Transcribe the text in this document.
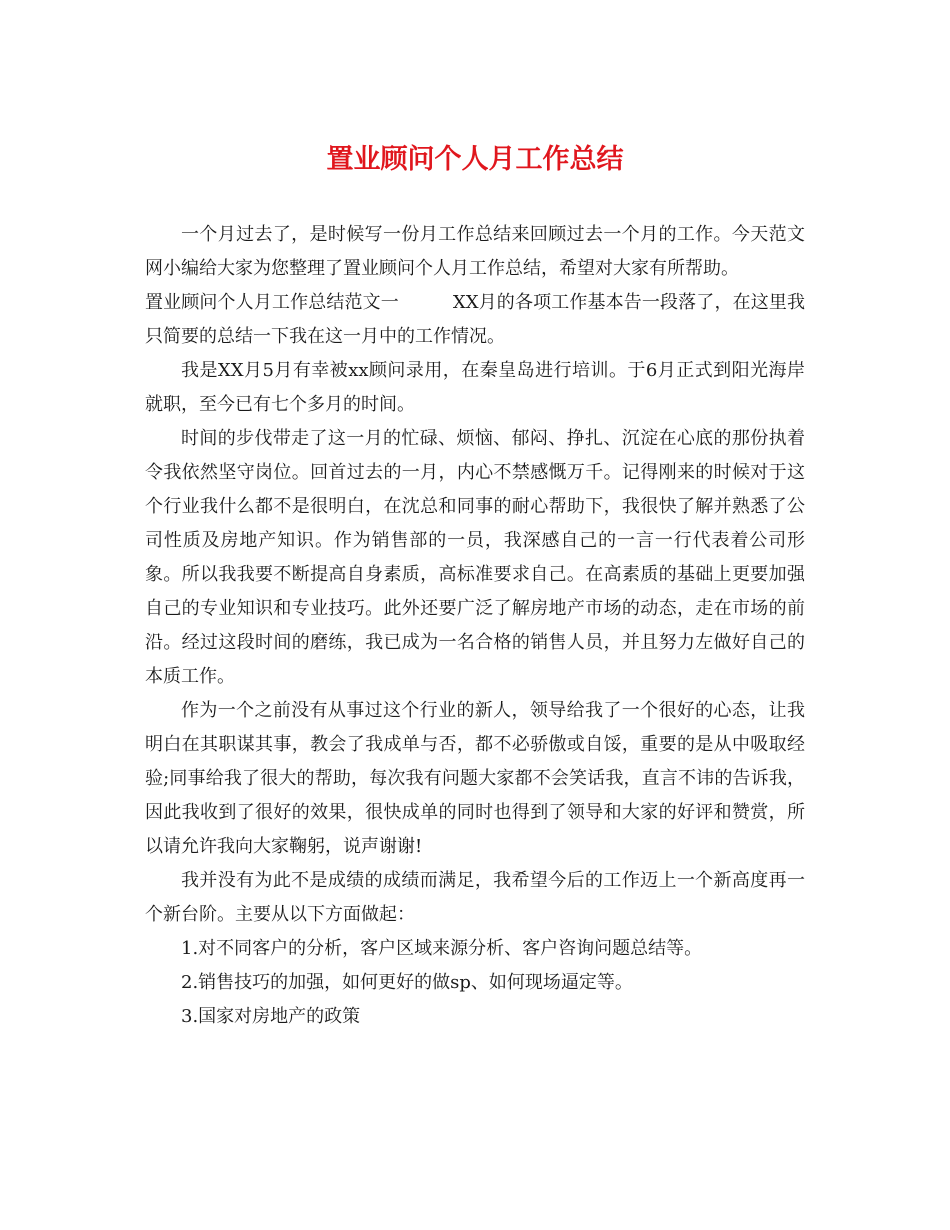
置业顾问个人月工作总结

一个月过去了，是时候写一份月工作总结来回顾过去一个月的工作。今天范文网小编给大家为您整理了置业顾问个人月工作总结，希望对大家有所帮助。

置业顾问个人月工作总结范文一	XX月的各项工作基本告一段落了，在这里我只简要的总结一下我在这一月中的工作情况。

我是XX月5月有幸被xx顾问录用，在秦皇岛进行培训。于6月正式到阳光海岸就职，至今已有七个多月的时间。

时间的步伐带走了这一月的忙碌、烦恼、郁闷、挣扎、沉淀在心底的那份执着令我依然坚守岗位。回首过去的一月，内心不禁感慨万千。记得刚来的时候对于这个行业我什么都不是很明白，在沈总和同事的耐心帮助下，我很快了解并熟悉了公司性质及房地产知识。作为销售部的一员，我深感自己的一言一行代表着公司形象。所以我我要不断提高自身素质，高标准要求自己。在高素质的基础上更要加强自己的专业知识和专业技巧。此外还要广泛了解房地产市场的动态，走在市场的前沿。经过这段时间的磨练，我已成为一名合格的销售人员，并且努力左做好自己的本质工作。

作为一个之前没有从事过这个行业的新人，领导给我了一个很好的心态，让我明白在其职谋其事，教会了我成单与否，都不必骄傲或自馁，重要的是从中吸取经验;同事给我了很大的帮助，每次我有问题大家都不会笑话我，直言不讳的告诉我，因此我收到了很好的效果，很快成单的同时也得到了领导和大家的好评和赞赏，所以请允许我向大家鞠躬，说声谢谢!

我并没有为此不是成绩的成绩而满足，我希望今后的工作迈上一个新高度再一个新台阶。主要从以下方面做起：

1.对不同客户的分析，客户区域来源分析、客户咨询问题总结等。

2.销售技巧的加强，如何更好的做sp、如何现场逼定等。

3.国家对房地产的政策
